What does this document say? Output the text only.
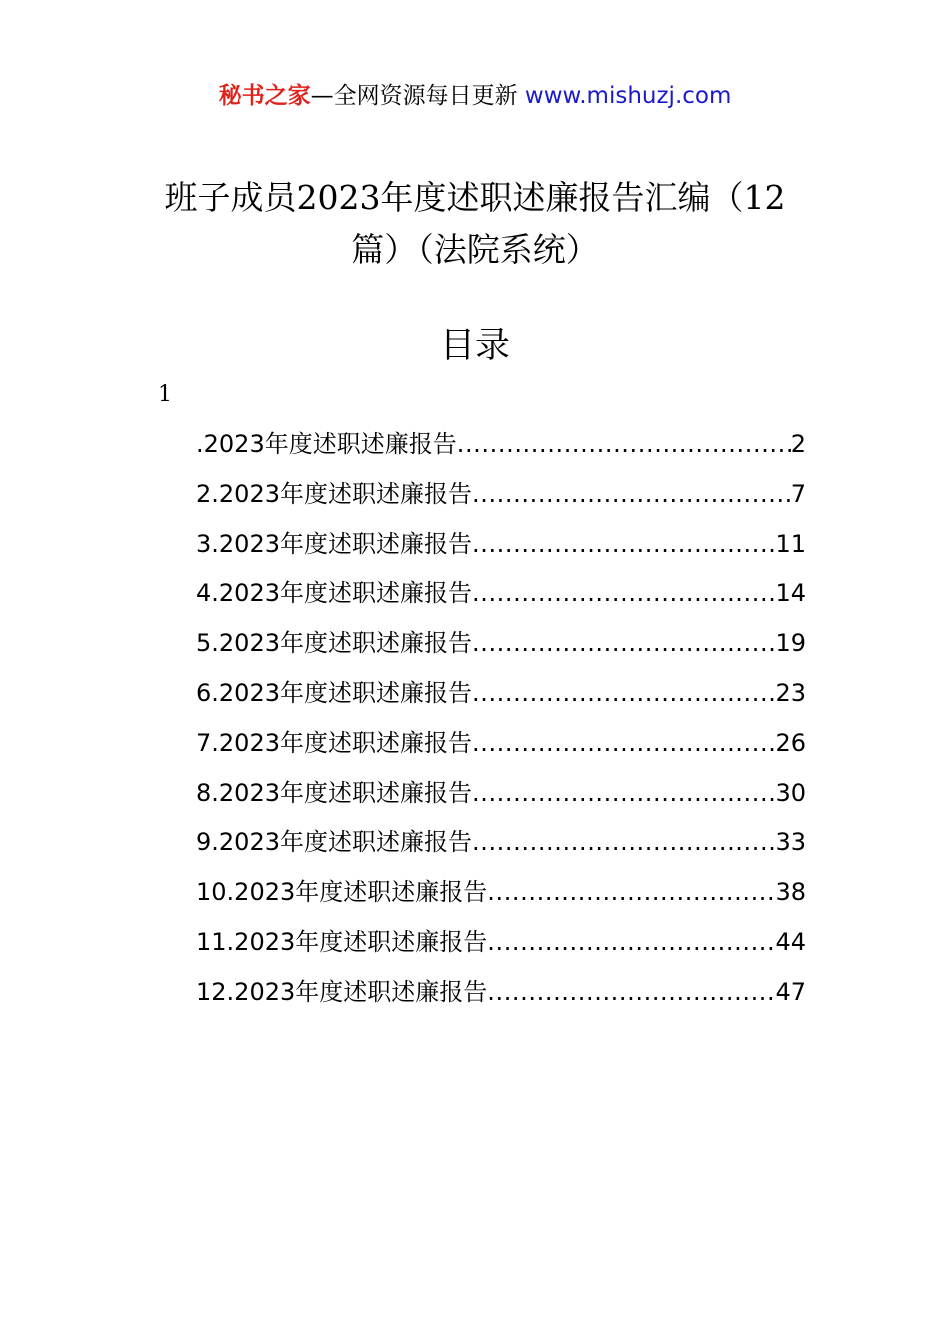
秘书之家—全网资源每日更新 www.mishuzj.com
班子成员2023年度述职述廉报告汇编（12
篇）（法院系统）
目录
1
.2023年度述职述廉报告 .....	2
2.2023年度述职述廉报告 .....	7
3.2023年度述职述廉报告 .....	11
4.2023年度述职述廉报告 .....	14
5.2023年度述职述廉报告 .....	19
6.2023年度述职述廉报告 .....	23
7.2023年度述职述廉报告 .....	26
8.2023年度述职述廉报告 .....	30
9.2023年度述职述廉报告 .....	33
10.2023年度述职述廉报告 .....	38
11.2023年度述职述廉报告 .....	44
12.2023年度述职述廉报告 .....	47
